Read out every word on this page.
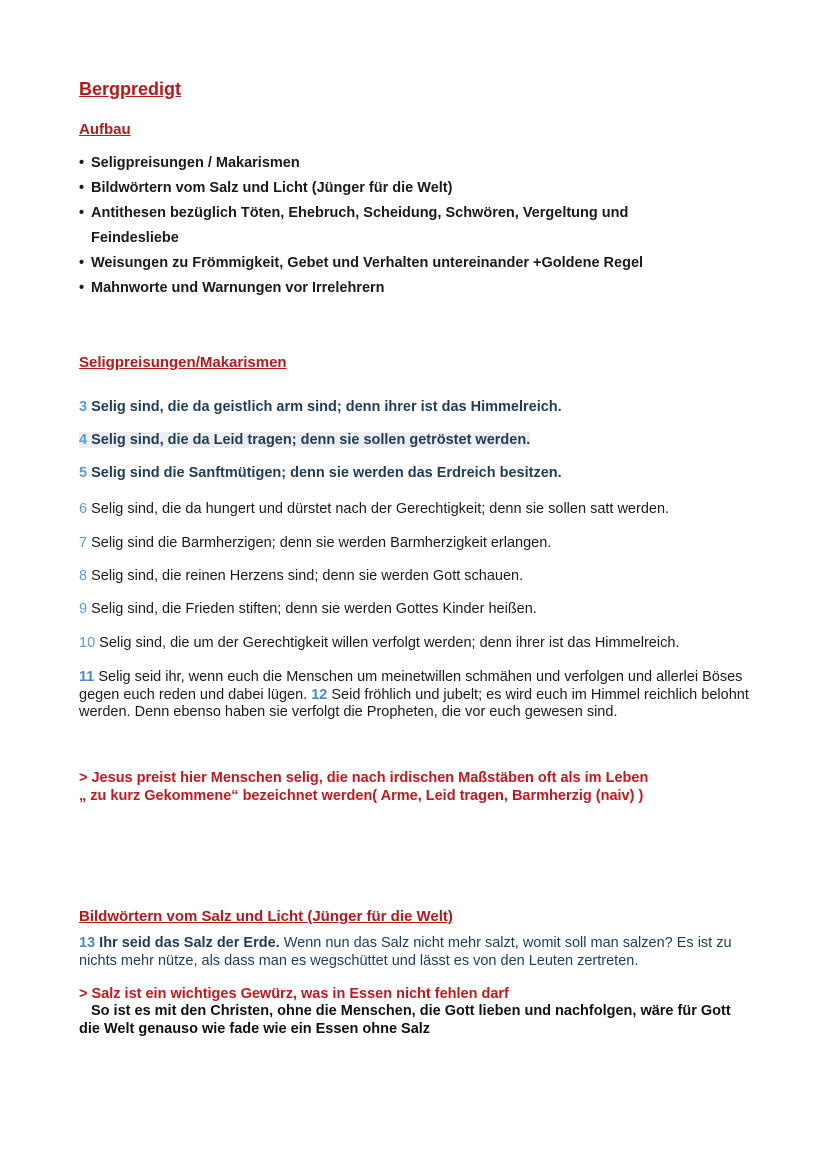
Bergpredigt
Aufbau
• Seligpreisungen / Makarismen
• Bildwörtern vom Salz und Licht (Jünger für die Welt)
• Antithesen bezüglich Töten, Ehebruch, Scheidung, Schwören, Vergeltung und Feindesliebe
• Weisungen zu Frömmigkeit, Gebet und Verhalten untereinander +Goldene Regel
• Mahnworte und Warnungen vor Irrelehrern
Seligpreisungen/Makarismen
3 Selig sind, die da geistlich arm sind; denn ihrer ist das Himmelreich.
4 Selig sind, die da Leid tragen; denn sie sollen getröstet werden.
5 Selig sind die Sanftmütigen; denn sie werden das Erdreich besitzen.
6 Selig sind, die da hungert und dürstet nach der Gerechtigkeit; denn sie sollen satt werden.
7 Selig sind die Barmherzigen; denn sie werden Barmherzigkeit erlangen.
8 Selig sind, die reinen Herzens sind; denn sie werden Gott schauen.
9 Selig sind, die Frieden stiften; denn sie werden Gottes Kinder heißen.
10 Selig sind, die um der Gerechtigkeit willen verfolgt werden; denn ihrer ist das Himmelreich.
11 Selig seid ihr, wenn euch die Menschen um meinetwillen schmähen und verfolgen und allerlei Böses gegen euch reden und dabei lügen. 12 Seid fröhlich und jubelt; es wird euch im Himmel reichlich belohnt werden. Denn ebenso haben sie verfolgt die Propheten, die vor euch gewesen sind.
> Jesus preist hier Menschen selig, die nach irdischen Maßstäben oft als im Leben
„ zu kurz Gekommene“ bezeichnet werden( Arme, Leid tragen, Barmherzig (naiv) )
Bildwörtern vom Salz und Licht (Jünger für die Welt)
13 Ihr seid das Salz der Erde. Wenn nun das Salz nicht mehr salzt, womit soll man salzen? Es ist zu nichts mehr nütze, als dass man es wegschüttet und lässt es von den Leuten zertreten.
> Salz ist ein wichtiges Gewürz, was in Essen nicht fehlen darf
So ist es mit den Christen, ohne die Menschen, die Gott lieben und nachfolgen, wäre für Gott die Welt genauso wie fade wie ein Essen ohne Salz
